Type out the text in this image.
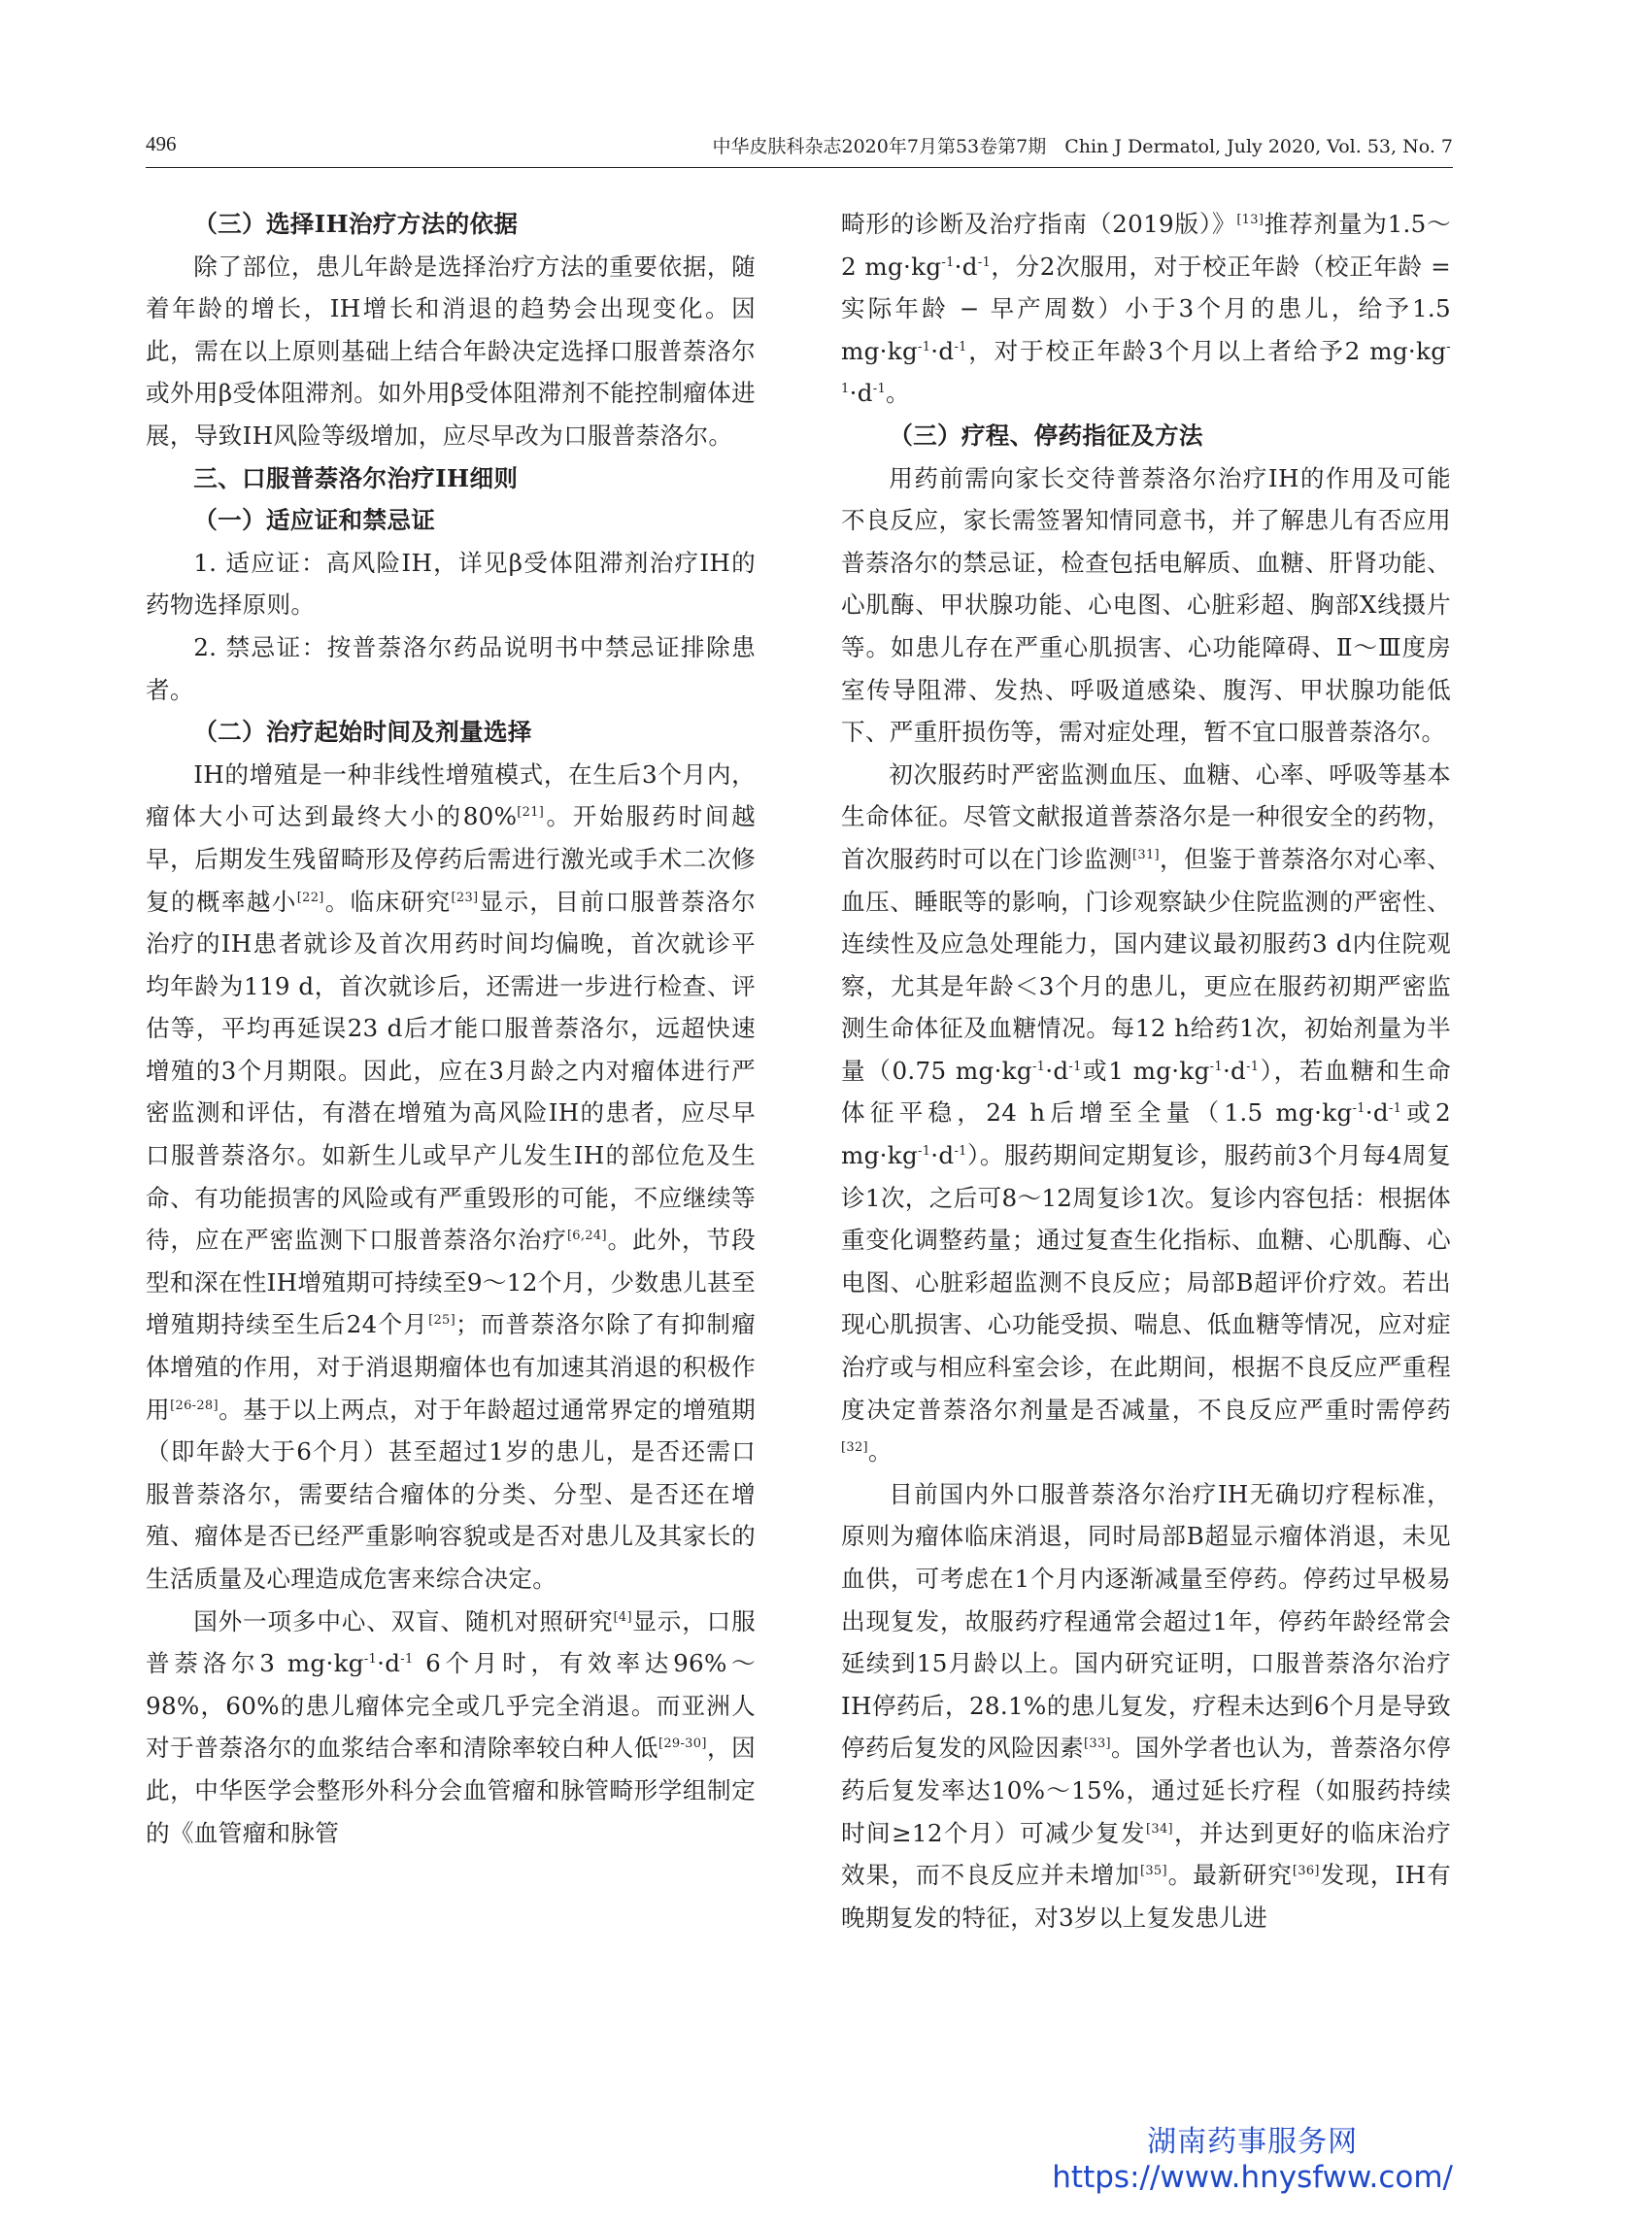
496	中华皮肤科杂志2020年7月第53卷第7期　Chin J Dermatol, July 2020, Vol. 53, No. 7

（三）选择IH治疗方法的依据

除了部位，患儿年龄是选择治疗方法的重要依据，随着年龄的增长，IH增长和消退的趋势会出现变化。因此，需在以上原则基础上结合年龄决定选择口服普萘洛尔或外用β受体阻滞剂。如外用β受体阻滞剂不能控制瘤体进展，导致IH风险等级增加，应尽早改为口服普萘洛尔。

三、口服普萘洛尔治疗IH细则

（一）适应证和禁忌证

1. 适应证：高风险IH，详见β受体阻滞剂治疗IH的药物选择原则。

2. 禁忌证：按普萘洛尔药品说明书中禁忌证排除患者。

（二）治疗起始时间及剂量选择

IH的增殖是一种非线性增殖模式，在生后3个月内，瘤体大小可达到最终大小的80%[21]。开始服药时间越早，后期发生残留畸形及停药后需进行激光或手术二次修复的概率越小[22]。临床研究[23]显示，目前口服普萘洛尔治疗的IH患者就诊及首次用药时间均偏晚，首次就诊平均年龄为119 d，首次就诊后，还需进一步进行检查、评估等，平均再延误23 d后才能口服普萘洛尔，远超快速增殖的3个月期限。因此，应在3月龄之内对瘤体进行严密监测和评估，有潜在增殖为高风险IH的患者，应尽早口服普萘洛尔。如新生儿或早产儿发生IH的部位危及生命、有功能损害的风险或有严重毁形的可能，不应继续等待，应在严密监测下口服普萘洛尔治疗[6,24]。此外，节段型和深在性IH增殖期可持续至9～12个月，少数患儿甚至增殖期持续至生后24个月[25]；而普萘洛尔除了有抑制瘤体增殖的作用，对于消退期瘤体也有加速其消退的积极作用[26-28]。基于以上两点，对于年龄超过通常界定的增殖期（即年龄大于6个月）甚至超过1岁的患儿，是否还需口服普萘洛尔，需要结合瘤体的分类、分型、是否还在增殖、瘤体是否已经严重影响容貌或是否对患儿及其家长的生活质量及心理造成危害来综合决定。

国外一项多中心、双盲、随机对照研究[4]显示，口服普萘洛尔3 $mg\cdot kg^{-1}\cdot d^{-1}$ 6个月时，有效率达96%～98%，60%的患儿瘤体完全或几乎完全消退。而亚洲人对于普萘洛尔的血浆结合率和清除率较白种人低[29-30]，因此，中华医学会整形外科分会血管瘤和脉管畸形学组制定的《血管瘤和脉管

畸形的诊断及治疗指南（2019版）》[13]推荐剂量为1.5～2 $mg\cdot kg^{-1}\cdot d^{-1}$，分2次服用，对于校正年龄（校正年龄 = 实际年龄 − 早产周数）小于3个月的患儿，给予1.5 $mg\cdot kg^{-1}\cdot d^{-1}$，对于校正年龄3个月以上者给予2 $mg\cdot kg^{-1}\cdot d^{-1}$。

（三）疗程、停药指征及方法

用药前需向家长交待普萘洛尔治疗IH的作用及可能不良反应，家长需签署知情同意书，并了解患儿有否应用普萘洛尔的禁忌证，检查包括电解质、血糖、肝肾功能、心肌酶、甲状腺功能、心电图、心脏彩超、胸部X线摄片等。如患儿存在严重心肌损害、心功能障碍、Ⅱ～Ⅲ度房室传导阻滞、发热、呼吸道感染、腹泻、甲状腺功能低下、严重肝损伤等，需对症处理，暂不宜口服普萘洛尔。

初次服药时严密监测血压、血糖、心率、呼吸等基本生命体征。尽管文献报道普萘洛尔是一种很安全的药物，首次服药时可以在门诊监测[31]，但鉴于普萘洛尔对心率、血压、睡眠等的影响，门诊观察缺少住院监测的严密性、连续性及应急处理能力，国内建议最初服药3 d内住院观察，尤其是年龄＜3个月的患儿，更应在服药初期严密监测生命体征及血糖情况。每12 h给药1次，初始剂量为半量（0.75 $mg\cdot kg^{-1}\cdot d^{-1}$或1 $mg\cdot kg^{-1}\cdot d^{-1}$），若血糖和生命体征平稳，24 h后增至全量（1.5 $mg\cdot kg^{-1}\cdot d^{-1}$或2 $mg\cdot kg^{-1}\cdot d^{-1}$）。服药期间定期复诊，服药前3个月每4周复诊1次，之后可8～12周复诊1次。复诊内容包括：根据体重变化调整药量；通过复查生化指标、血糖、心肌酶、心电图、心脏彩超监测不良反应；局部B超评价疗效。若出现心肌损害、心功能受损、喘息、低血糖等情况，应对症治疗或与相应科室会诊，在此期间，根据不良反应严重程度决定普萘洛尔剂量是否减量，不良反应严重时需停药[32]。

目前国内外口服普萘洛尔治疗IH无确切疗程标准，原则为瘤体临床消退，同时局部B超显示瘤体消退，未见血供，可考虑在1个月内逐渐减量至停药。停药过早极易出现复发，故服药疗程通常会超过1年，停药年龄经常会延续到15月龄以上。国内研究证明，口服普萘洛尔治疗IH停药后，28.1%的患儿复发，疗程未达到6个月是导致停药后复发的风险因素[33]。国外学者也认为，普萘洛尔停药后复发率达10%～15%，通过延长疗程（如服药持续时间≥12个月）可减少复发[34]，并达到更好的临床治疗效果，而不良反应并未增加[35]。最新研究[36]发现，IH有晚期复发的特征，对3岁以上复发患儿进

湖南药事服务网
https://www.hnysfww.com/
